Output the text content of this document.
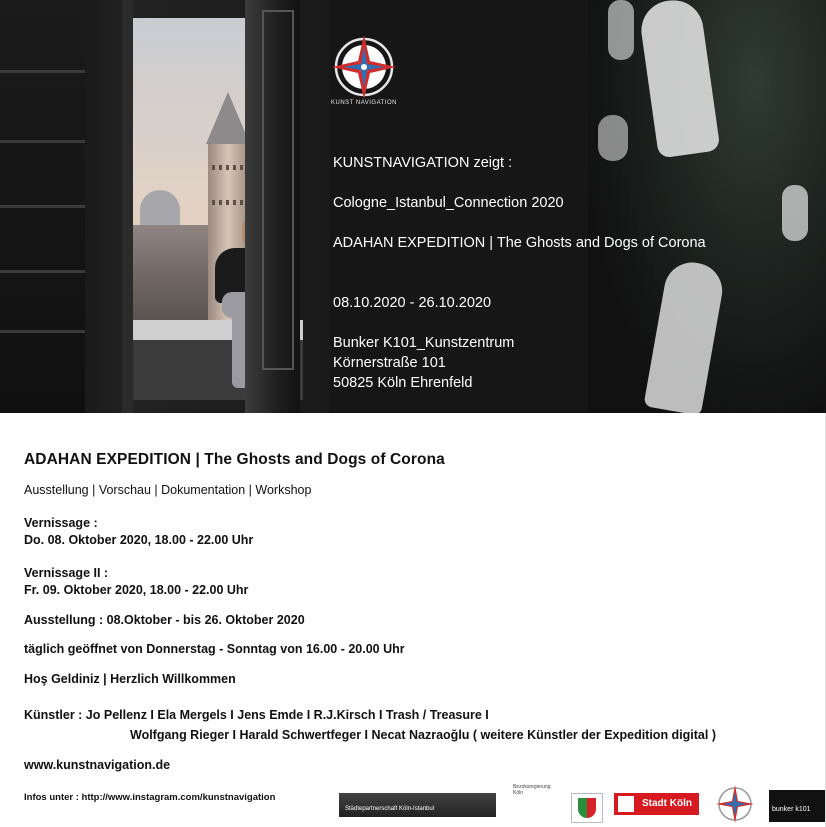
KUNST NAVIGATION
KUNSTNAVIGATION zeigt :
Cologne_Istanbul_Connection 2020
ADAHAN EXPEDITION | The Ghosts and Dogs of Corona
08.10.2020 - 26.10.2020
Bunker K101_Kunstzentrum
Körnerstraße 101
50825 Köln Ehrenfeld
ADAHAN EXPEDITION | The Ghosts and Dogs of Corona
Ausstellung | Vorschau | Dokumentation | Workshop
Vernissage :
Do. 08. Oktober 2020, 18.00 - 22.00 Uhr
Vernissage II :
Fr. 09. Oktober 2020, 18.00 - 22.00 Uhr
Ausstellung : 08.Oktober - bis 26. Oktober 2020
täglich geöffnet von Donnerstag - Sonntag von 16.00 - 20.00 Uhr
Hoş Geldiniz | Herzlich Willkommen
Künstler : Jo Pellenz I Ela Mergels I Jens Emde I R.J.Kirsch I Trash / Treasure I
Wolfgang Rieger I Harald Schwertfeger I Necat Nazraoğlu ( weitere Künstler der Expedition digital )
www.kunstnavigation.de
Infos unter : http://www.instagram.com/kunstnavigation
Städtepartnerschaft Köln-Istanbul
Bezirksregierung Köln
Stadt Köln
bunker k101
